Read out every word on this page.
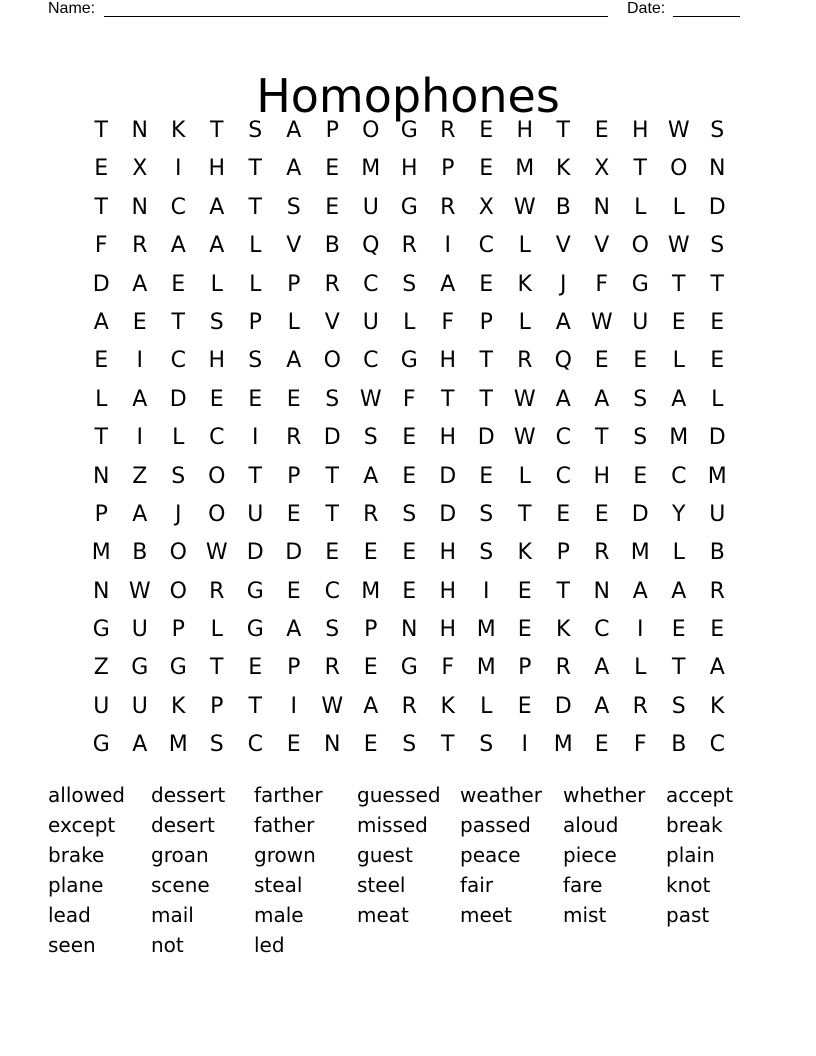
Name:	Date:
Homophones
T	N	K	T	S	A	P	O G	R	E	H	T	E	H W S
E	X	I	H	T	A	E	M H	P	E	M K	X	T	O N
T	N	C	A	T	S	E	U G	R	X W B	N	L	L	D
F	R	A	A	L	V	B	Q	R	I	C	L	V	V	O W S
D	A	E	L	L	P	R	C	S	A	E	K	J	F	G	T	T
A	E	T	S	P	L	V	U	L	F	P	L	A W U	E	E
E	I	C	H	S	A	O	C	G H	T	R	Q	E	E	L	E
L	A	D	E	E	E	S W F	T	T W A	A	S	A	L
T	I	L	C	I	R	D	S	E	H D W C	T	S	M D
N	Z	S	O	T	P	T	A	E	D	E	L	C	H	E	C M
P	A	J	O U	E	T	R	S	D	S	T	E	E	D	Y	U
M B	O W D D	E	E	E	H	S	K	P	R M	L	B
N W O	R	G	E	C M	E	H	I	E	T	N	A	A	R
G U	P	L	G	A	S	P	N H M	E	K	C	I	E	E
Z	G G	T	E	P	R	E	G	F	M	P	R	A	L	T	A
U	U	K	P	T	I	W A	R	K	L	E	D	A	R	S	K
G	A M	S	C	E	N	E	S	T	S	I	M	E	F	B	C
allowed	dessert	farther	guessed weather	whether	accept
except	desert	father	missed	passed	aloud	break
brake	groan	grown	guest	peace	piece	plain
plane	scene	steal	steel	fair	fare	knot
lead	mail	male	meat	meet	mist	past
seen	not	led
